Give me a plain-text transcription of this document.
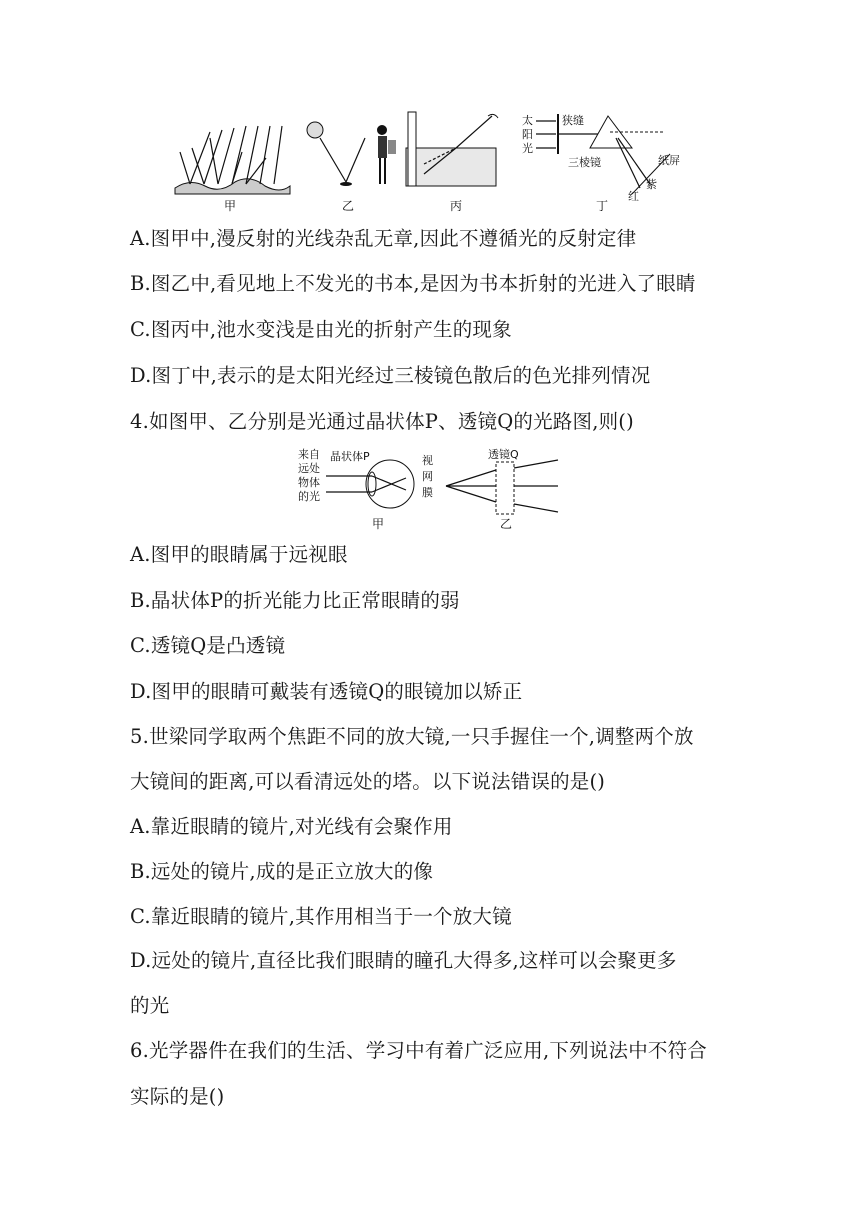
甲	乙	丙
太
阳
光
狭缝
三棱镜	纸屏
红
紫
丁
A.图甲中,漫反射的光线杂乱无章,因此不遵循光的反射定律
B.图乙中,看见地上不发光的书本,是因为书本折射的光进入了眼睛
C.图丙中,池水变浅是由光的折射产生的现象
D.图丁中,表示的是太阳光经过三棱镜色散后的色光排列情况
4.如图甲、乙分别是光通过晶状体P、透镜Q的光路图,则()
来自
远处
物体
的光
晶状体P	视
网
膜
甲
透镜Q
乙
A.图甲的眼睛属于远视眼
B.晶状体P的折光能力比正常眼睛的弱
C.透镜Q是凸透镜
D.图甲的眼睛可戴装有透镜Q的眼镜加以矫正
5.世梁同学取两个焦距不同的放大镜,一只手握住一个,调整两个放
大镜间的距离,可以看清远处的塔。以下说法错误的是()
A.靠近眼睛的镜片,对光线有会聚作用
B.远处的镜片,成的是正立放大的像
C.靠近眼睛的镜片,其作用相当于一个放大镜
D.远处的镜片,直径比我们眼睛的瞳孔大得多,这样可以会聚更多
的光
6.光学器件在我们的生活、学习中有着广泛应用,下列说法中不符合
实际的是()
